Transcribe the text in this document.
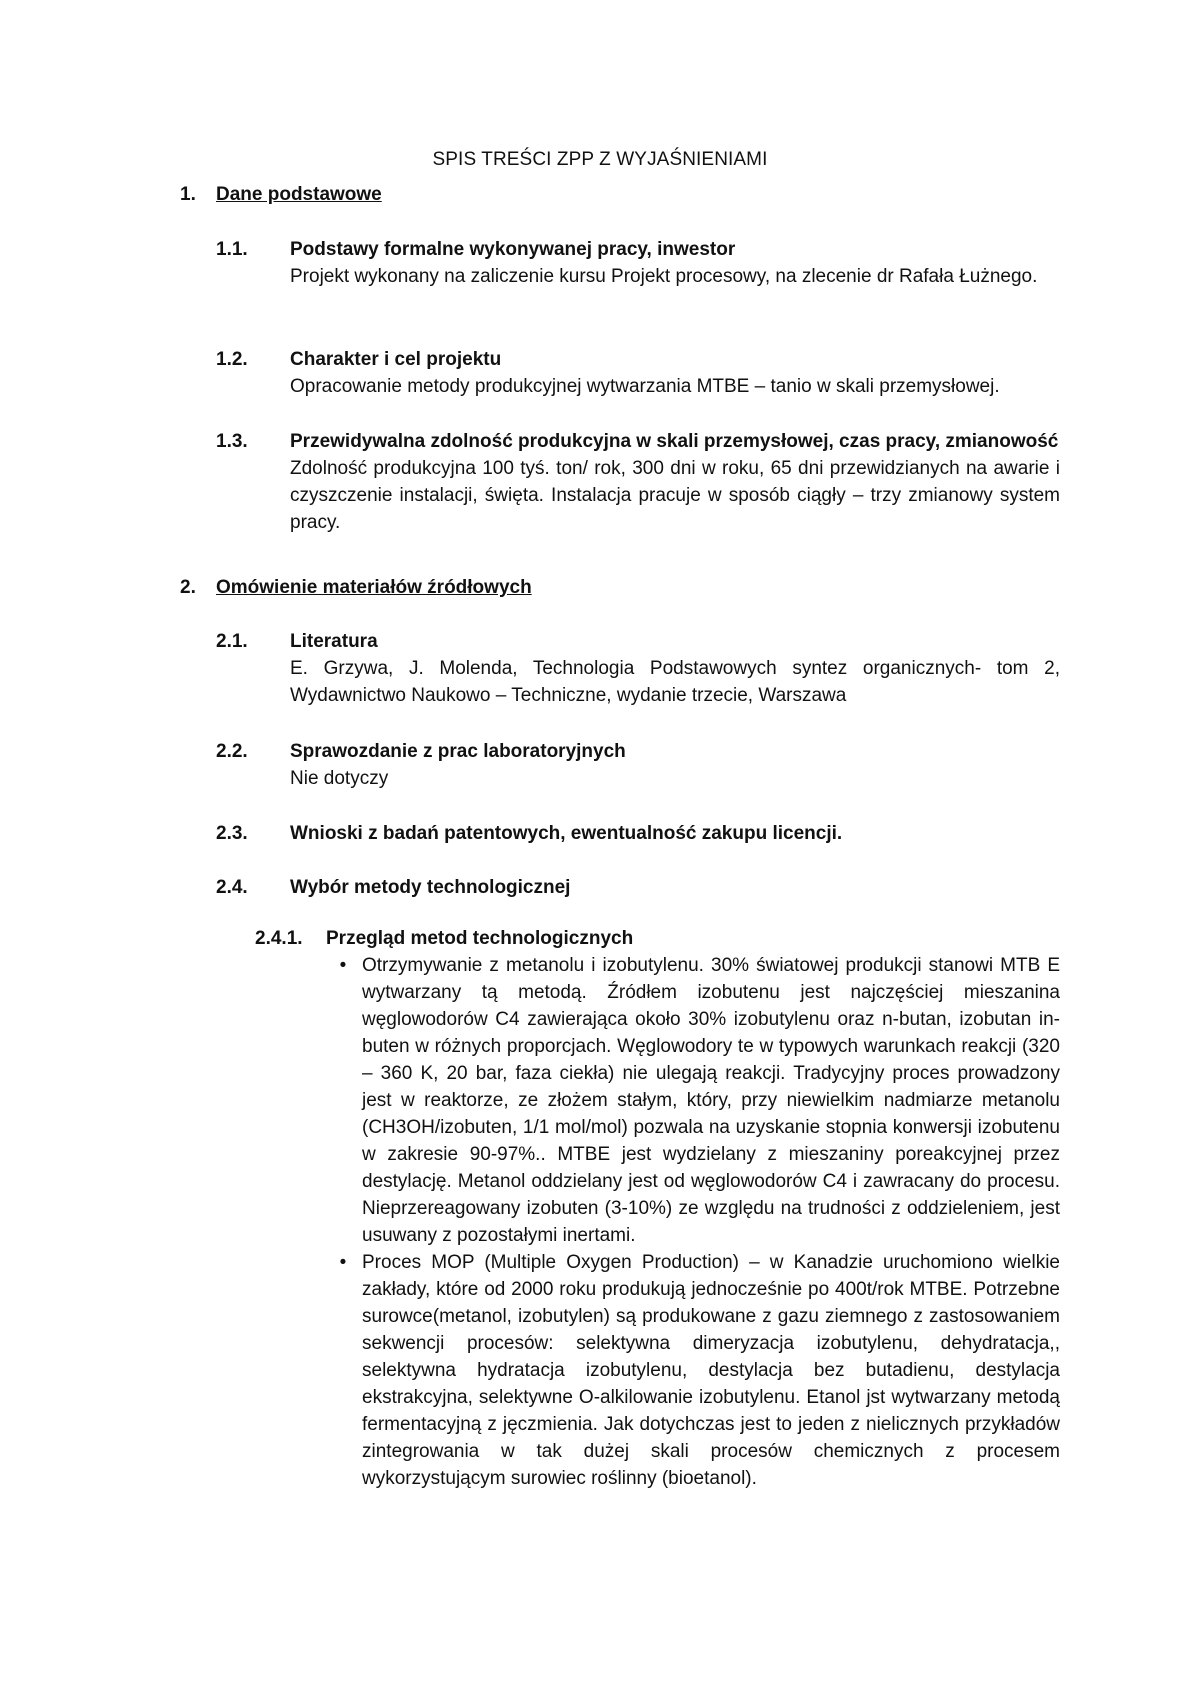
SPIS TREŚCI ZPP Z WYJAŚNIENIAMI
1. Dane podstawowe
1.1. Podstawy formalne wykonywanej pracy, inwestor
Projekt wykonany na zaliczenie kursu Projekt procesowy, na zlecenie dr Rafała Łużnego.
1.2. Charakter i cel projektu
Opracowanie metody produkcyjnej wytwarzania MTBE – tanio w skali przemysłowej.
1.3. Przewidywalna zdolność produkcyjna w skali przemysłowej, czas pracy, zmianowość
Zdolność produkcyjna 100 tyś. ton/ rok, 300 dni w roku, 65 dni przewidzianych na awarie i czyszczenie instalacji, święta. Instalacja pracuje w sposób ciągły – trzy zmianowy system pracy.
2. Omówienie materiałów źródłowych
2.1. Literatura
E. Grzywa, J. Molenda, Technologia Podstawowych syntez organicznych- tom 2, Wydawnictwo Naukowo – Techniczne, wydanie trzecie, Warszawa
2.2. Sprawozdanie z prac laboratoryjnych
Nie dotyczy
2.3. Wnioski z badań patentowych, ewentualność zakupu licencji.
2.4. Wybór metody technologicznej
2.4.1. Przegląd metod technologicznych
• Otrzymywanie z metanolu i izobutylenu. 30% światowej produkcji stanowi MTB E wytwarzany tą metodą. Źródłem izobutenu jest najczęściej mieszanina węglowodorów C4 zawierająca około 30% izobutylenu oraz n-butan, izobutan in-buten w różnych proporcjach. Węglowodory te w typowych warunkach reakcji (320 – 360 K, 20 bar, faza ciekła) nie ulegają reakcji. Tradycyjny proces prowadzony jest w reaktorze, ze złożem stałym, który, przy niewielkim nadmiarze metanolu (CH3OH/izobuten, 1/1 mol/mol) pozwala na uzyskanie stopnia konwersji izobutenu w zakresie 90-97%.. MTBE jest wydzielany z mieszaniny poreakcyjnej przez destylację. Metanol oddzielany jest od węglowodorów C4 i zawracany do procesu. Nieprzereagowany izobuten (3-10%) ze względu na trudności z oddzieleniem, jest usuwany z pozostałymi inertami.
• Proces MOP (Multiple Oxygen Production) – w Kanadzie uruchomiono wielkie zakłady, które od 2000 roku produkują jednocześnie po 400t/rok MTBE. Potrzebne surowce(metanol, izobutylen) są produkowane z gazu ziemnego z zastosowaniem sekwencji procesów: selektywna dimeryzacja izobutylenu, dehydratacja,, selektywna hydratacja izobutylenu, destylacja bez butadienu, destylacja ekstrakcyjna, selektywne O-alkilowanie izobutylenu. Etanol jst wytwarzany metodą fermentacyjną z jęczmienia. Jak dotychczas jest to jeden z nielicznych przykładów zintegrowania w tak dużej skali procesów chemicznych z procesem wykorzystującym surowiec roślinny (bioetanol).
